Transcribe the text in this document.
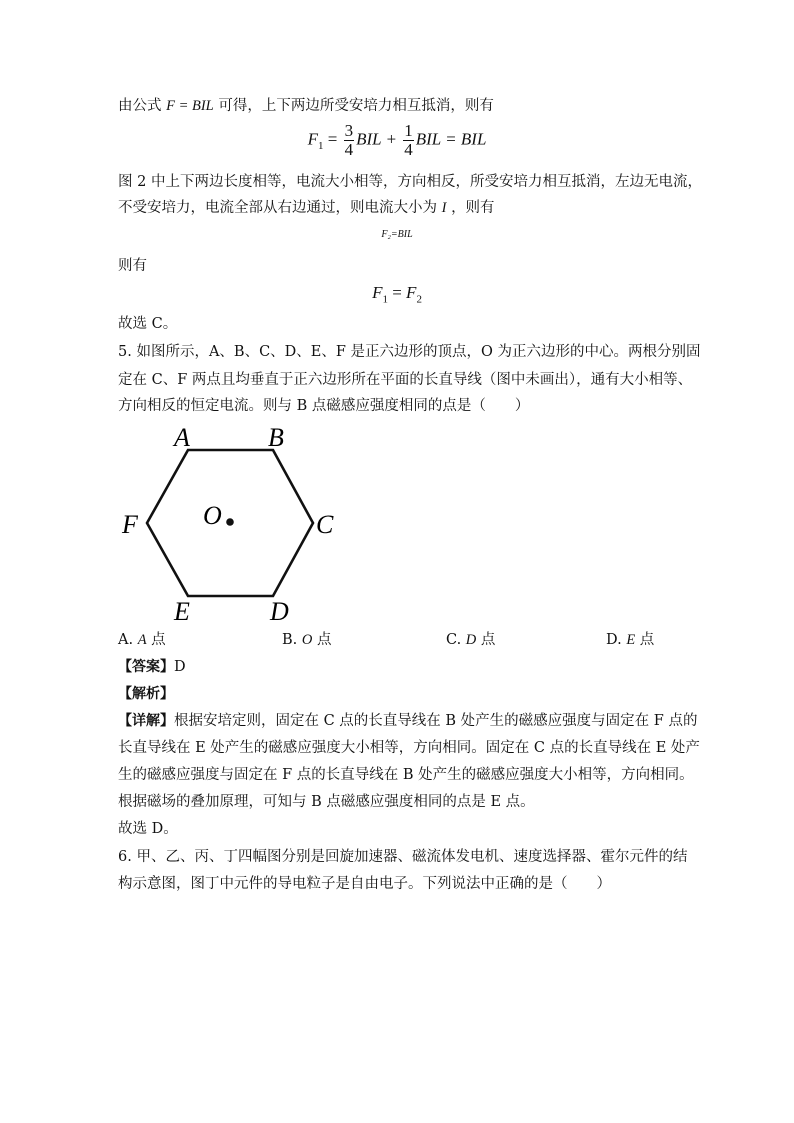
由公式 F = BIL 可得，上下两边所受安培力相互抵消，则有
$F_1 = \frac{3}{4}$ BIL + $\frac{1}{4}$ BIL = BIL
图 2 中上下两边长度相等，电流大小相等，方向相反，所受安培力相互抵消，左边无电流，
不受安培力，电流全部从右边通过，则电流大小为 I ，则有
F₂=BIL
则有
$F_1 = F_2$
故选 C。
5. 如图所示，A、B、C、D、E、F 是正六边形的顶点，O 为正六边形的中心。两根分别固
定在 C、F 两点且均垂直于正六边形所在平面的长直导线（图中未画出），通有大小相等、
方向相反的恒定电流。则与 B 点磁感应强度相同的点是（　　）
A	B
C
D
E
F	O
A. A 点	B. O 点	C. D 点	D. E 点
【答案】D
【解析】
【详解】根据安培定则，固定在 C 点的长直导线在 B 处产生的磁感应强度与固定在 F 点的
长直导线在 E 处产生的磁感应强度大小相等，方向相同。固定在 C 点的长直导线在 E 处产
生的磁感应强度与固定在 F 点的长直导线在 B 处产生的磁感应强度大小相等，方向相同。
根据磁场的叠加原理，可知与 B 点磁感应强度相同的点是 E 点。
故选 D。
6. 甲、乙、丙、丁四幅图分别是回旋加速器、磁流体发电机、速度选择器、霍尔元件的结
构示意图，图丁中元件的导电粒子是自由电子。下列说法中正确的是（　　）
